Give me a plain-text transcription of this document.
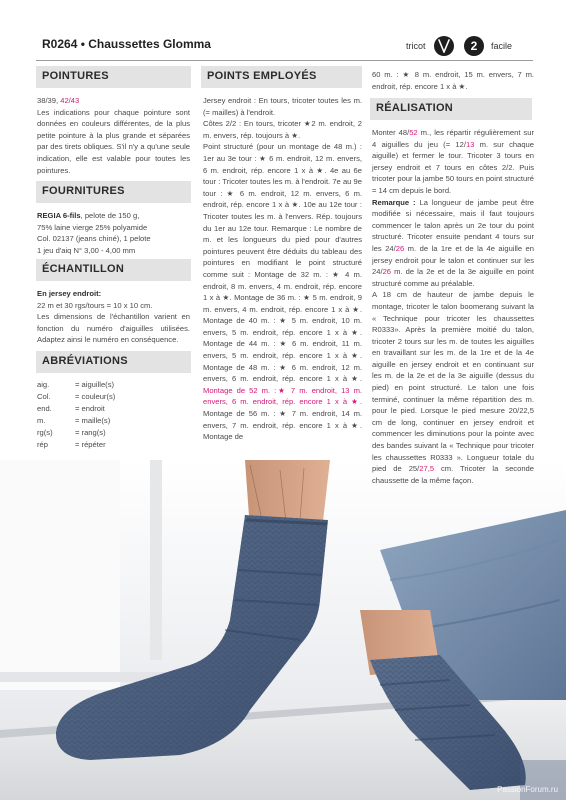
R0264 • Chaussettes Glomma	tricot	2	facile
POINTURES
38/39, 42/43
Les indications pour chaque pointure sont données en couleurs différentes, de la plus petite pointure à la plus grande et séparées par des tirets obliques. S'il n'y a qu'une seule indication, elle est valable pour toutes les pointures.
FOURNITURES
REGIA 6-fils, pelote de 150 g,
75% laine vierge 25% polyamide
Col. 02137 (jeans chiné), 1 pelote
1 jeu d'aiq N° 3,00 - 4,00 mm
ÉCHANTILLON
En jersey endroit:
22 m et 30 rgs/tours = 10 x 10 cm.
Les dimensions de l'échantillon varient en fonction du numéro d'aiguilles utilisées. Adaptez ainsi le numéro en conséquence.
ABRÉVIATIONS
aig.	= aiguille(s)
Col.	= couleur(s)
end.	= endroit
m.	= maille(s)
rg(s)	= rang(s)
rép	= répéter
POINTS EMPLOYÉS
Jersey endroit : En tours, tricoter toutes les m. (= mailles) à l'endroit.
Côtes 2/2 : En tours, tricoter ★2 m. endroit, 2 m. envers, rép. toujours à ★.
Point structuré (pour un montage de 48 m.) : 1er au 3e tour : ★ 6 m. endroit, 12 m. envers, 6 m. endroit, rép. encore 1 x à ★. 4e au 6e tour : Tricoter toutes les m. à l'endroit. 7e au 9e tour : ★ 6 m. endroit, 12 m. envers, 6 m. endroit, rép. encore 1 x à ★. 10e au 12e tour : Tricoter toutes les m. à l'envers. Rép. toujours du 1er au 12e tour. Remarque : Le nombre de m. et les longueurs du pied pour d'autres pointures peuvent être déduits du tableau des pointures en modifiant le point structuré comme suit : Montage de 32 m. : ★ 4 m. endroit, 8 m. envers, 4 m. endroit, rép. encore 1 x à ★. Montage de 36 m. : ★ 5 m. endroit, 9 m. envers, 4 m. endroit, rép. encore 1 x à ★. Montage de 40 m. : ★ 5 m. endroit, 10 m. envers, 5 m. endroit, rép. encore 1 x à ★. Montage de 44 m. : ★ 6 m. endroit, 11 m. envers, 5 m. endroit, rép. encore 1 x à ★. Montage de 48 m. : ★ 6 m. endroit, 12 m. envers, 6 m. endroit, rép. encore 1 x à ★. Montage de 52 m. :★ 7 m. endroit, 13 m. envers, 6 m. endroit, rép. encore 1 x à ★. Montage de 56 m. : ★ 7 m. endroit, 14 m. envers, 7 m. endroit, rép. encore 1 x à ★. Montage de
60 m. : ★ 8 m. endroit, 15 m. envers, 7 m. endroit, rép. encore 1 x à ★.
RÉALISATION
Monter 48/52 m., les répartir régulièrement sur 4 aiguilles du jeu (= 12/13 m. sur chaque aiguille) et fermer le tour. Tricoter 3 tours en jersey endroit et 7 tours en côtes 2/2. Puis tricoter pour la jambe 50 tours en point structuré = 14 cm depuis le bord.
Remarque : La longueur de jambe peut être modifiée si nécessaire, mais il faut toujours commencer le talon après un 2e tour du point structuré. Tricoter ensuite pendant 4 tours sur les 24/26 m. de la 1re et de la 4e aiguille en jersey endroit pour le talon et continuer sur les 24/26 m. de la 2e et de la 3e aiguille en point structuré comme au préalable.
A 18 cm de hauteur de jambe depuis le montage, tricoter le talon boomerang suivant la « Technique pour tricoter les chaussettes R0333». Après la première moitié du talon, tricoter 2 tours sur les m. de toutes les aiguilles en travaillant sur les m. de la 1re et de la 4e aiguille en jersey endroit et en continuant sur les m. de la 2e et de la 3e aiguille (dessus du pied) en point structuré. Le talon une fois terminé, continuer la même répartition des m. pour le pied. Lorsque le pied mesure 20/22,5 cm de long, continuer en jersey endroit et commencer les diminutions pour la pointe avec des bandes suivant la « Technique pour tricoter les chaussettes R0333 ». Longueur totale du pied de 25/27,5 cm. Tricoter la seconde chaussette de la même façon.
PassionForum.ru
